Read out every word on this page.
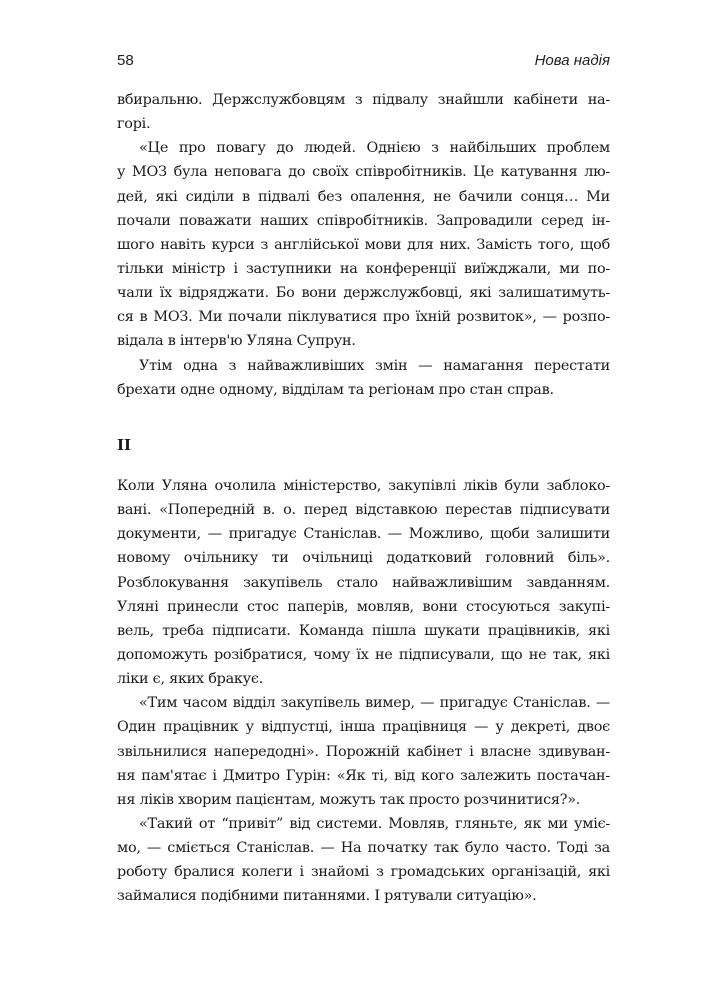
58	Нова надія
вбиральню. Держслужбовцям з підвалу знайшли кабінети на-
горі.
«Це про повагу до людей. Однією з найбільших проблем
у МОЗ була неповага до своїх співробітників. Це катування лю-
дей, які сиділи в підвалі без опалення, не бачили сонця… Ми
почали поважати наших співробітників. Запровадили серед ін-
шого навіть курси з англійської мови для них. Замість того, щоб
тільки міністр і заступники на конференції виїжджали, ми по-
чали їх відряджати. Бо вони держслужбовці, які залишатимуть-
ся в МОЗ. Ми почали піклуватися про їхній розвиток», — розпо-
відала в інтерв'ю Уляна Супрун.
Утім одна з найважливіших змін — намагання перестати
брехати одне одному, відділам та регіонам про стан справ.
ІІ
Коли Уляна очолила міністерство, закупівлі ліків були заблоко-
вані. «Попередній в. о. перед відставкою перестав підписувати
документи, — пригадує Станіслав. — Можливо, щоби залишити
новому очільнику ти очільниці додатковий головний біль».
Розблокування закупівель стало найважливішим завданням.
Уляні принесли стос паперів, мовляв, вони стосуються закупі-
вель, треба підписати. Команда пішла шукати працівників, які
допоможуть розібратися, чому їх не підписували, що не так, які
ліки є, яких бракує.
«Тим часом відділ закупівель вимер, — пригадує Станіслав. —
Один працівник у відпустці, інша працівниця — у декреті, двоє
звільнилися напередодні». Порожній кабінет і власне здивуван-
ня пам'ятає і Дмитро Гурін: «Як ті, від кого залежить постачан-
ня ліків хворим пацієнтам, можуть так просто розчинитися?».
«Такий от “привіт” від системи. Мовляв, гляньте, як ми уміє-
мо, — сміється Станіслав. — На початку так було часто. Тоді за
роботу бралися колеги і знайомі з громадських організацій, які
займалися подібними питаннями. І рятували ситуацію».
